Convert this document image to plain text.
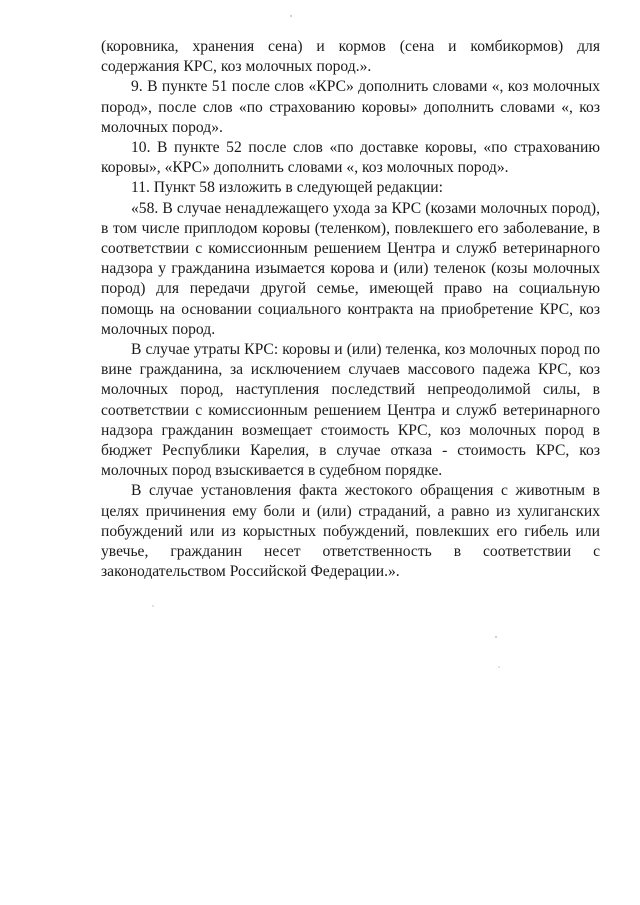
(коровника, хранения сена) и кормов (сена и комбикормов) для содержания КРС, коз молочных пород.».

9. В пункте 51 после слов «КРС» дополнить словами «, коз молочных пород», после слов «по страхованию коровы» дополнить словами «, коз молочных пород».

10. В пункте 52 после слов «по доставке коровы, «по страхованию коровы», «КРС» дополнить словами «, коз молочных пород».

11. Пункт 58 изложить в следующей редакции:

«58. В случае ненадлежащего ухода за КРС (козами молочных пород), в том числе приплодом коровы (теленком), повлекшего его заболевание, в соответствии с комиссионным решением Центра и служб ветеринарного надзора у гражданина изымается корова и (или) теленок (козы молочных пород) для передачи другой семье, имеющей право на социальную помощь на основании социального контракта на приобретение КРС, коз молочных пород.

В случае утраты КРС: коровы и (или) теленка, коз молочных пород по вине гражданина, за исключением случаев массового падежа КРС, коз молочных пород, наступления последствий непреодолимой силы, в соответствии с комиссионным решением Центра и служб ветеринарного надзора гражданин возмещает стоимость КРС, коз молочных пород в бюджет Республики Карелия, в случае отказа - стоимость КРС, коз молочных пород взыскивается в судебном порядке.

В случае установления факта жестокого обращения с животным в целях причинения ему боли и (или) страданий, а равно из хулиганских побуждений или из корыстных побуждений, повлекших его гибель или увечье, гражданин несет ответственность в соответствии с законодательством Российской Федерации.».
